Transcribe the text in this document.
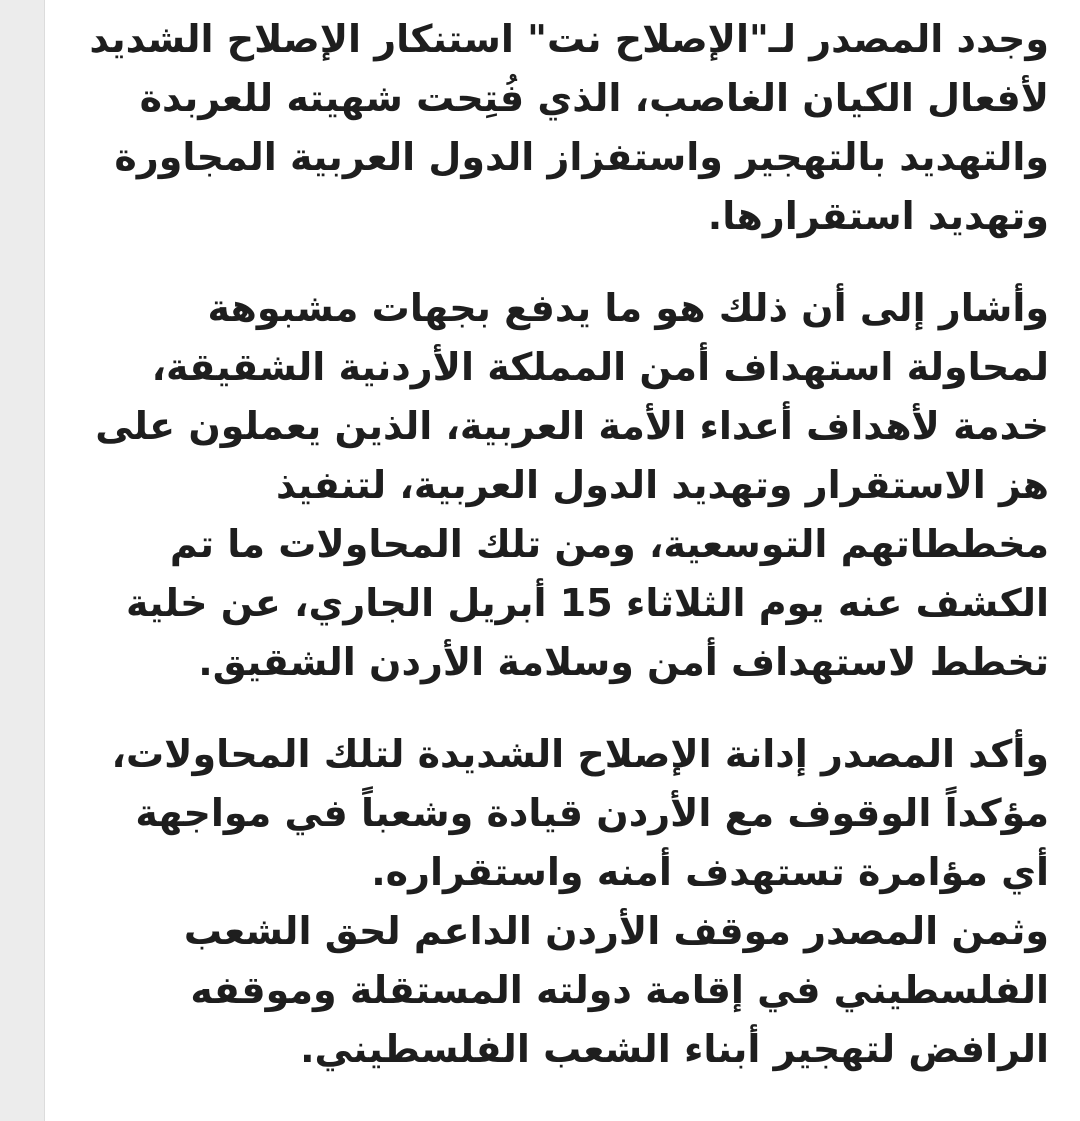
وجدد المصدر لـ"الإصلاح نت" استنكار الإصلاح الشديد لأفعال الكيان الغاصب، الذي فُتِحت شهيته للعربدة والتهديد بالتهجير واستفزاز الدول العربية المجاورة وتهديد استقرارها.

وأشار إلى أن ذلك هو ما يدفع بجهات مشبوهة لمحاولة استهداف أمن المملكة الأردنية الشقيقة، خدمة لأهداف أعداء الأمة العربية، الذين يعملون على هز الاستقرار وتهديد الدول العربية، لتنفيذ مخططاتهم التوسعية، ومن تلك المحاولات ما تم الكشف عنه يوم الثلاثاء 15 أبريل الجاري، عن خلية تخطط لاستهداف أمن وسلامة الأردن الشقيق.

وأكد المصدر إدانة الإصلاح الشديدة لتلك المحاولات، مؤكداً الوقوف مع الأردن قيادة وشعباً في مواجهة أي مؤامرة تستهدف أمنه واستقراره.

وثمن المصدر موقف الأردن الداعم لحق الشعب الفلسطيني في إقامة دولته المستقلة وموقفه الرافض لتهجير أبناء الشعب الفلسطيني.
